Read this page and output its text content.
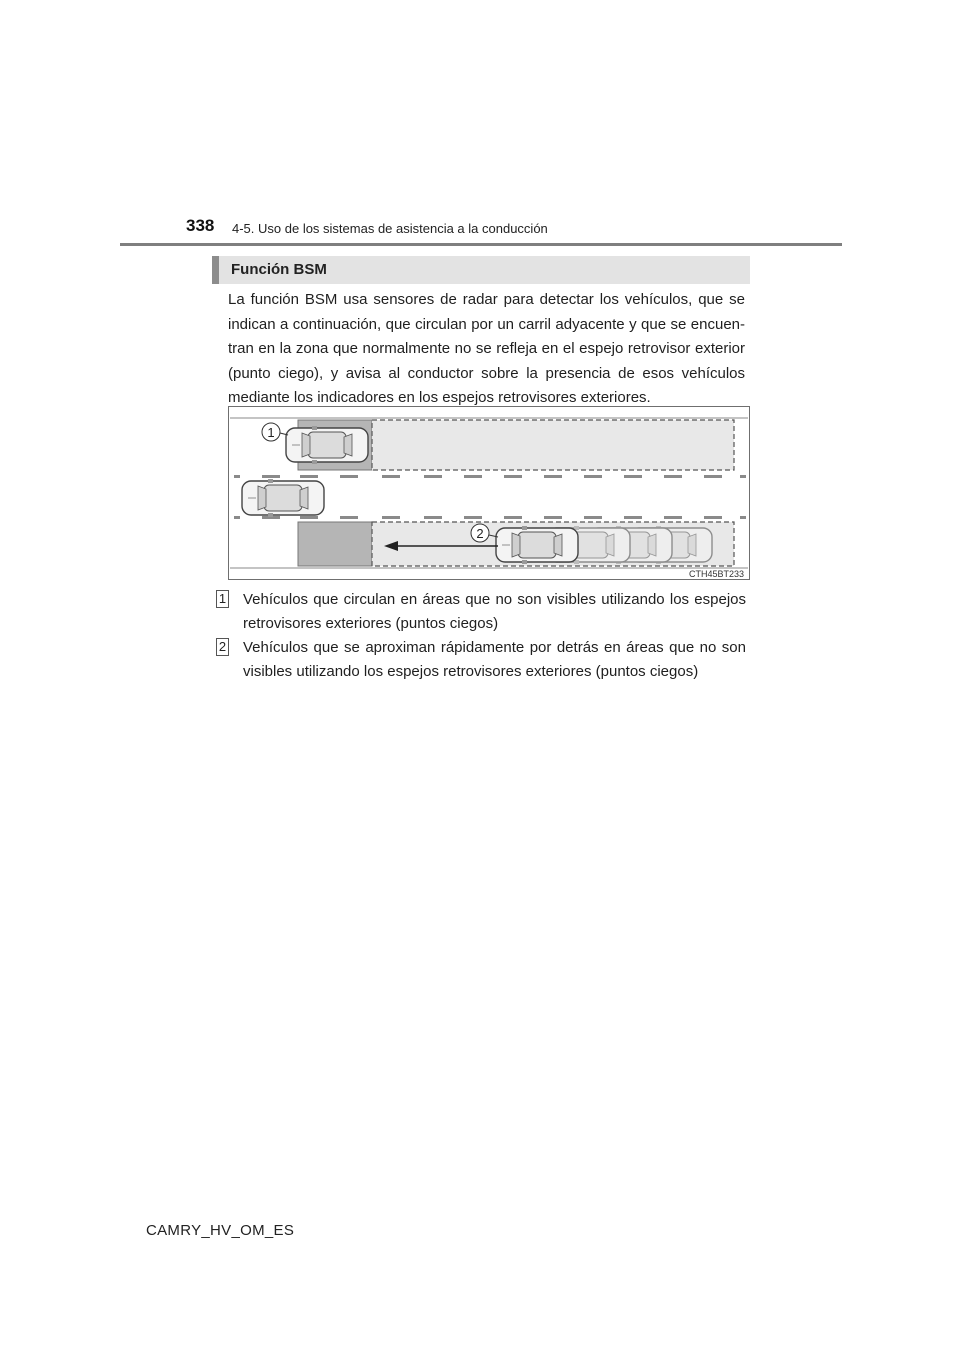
338 4-5. Uso de los sistemas de asistencia a la conducción
Función BSM
La función BSM usa sensores de radar para detectar los vehículos, que se indican a continuación, que circulan por un carril adyacente y que se encuen-tran en la zona que normalmente no se refleja en el espejo retrovisor exterior (punto ciego), y avisa al conductor sobre la presencia de esos vehículos mediante los indicadores en los espejos retrovisores exteriores.
1
2
CTH45BT233
1 Vehículos que circulan en áreas que no son visibles utilizando los espejos retrovisores exteriores (puntos ciegos)
2 Vehículos que se aproximan rápidamente por detrás en áreas que no son visibles utilizando los espejos retrovisores exteriores (puntos ciegos)
CAMRY_HV_OM_ES
